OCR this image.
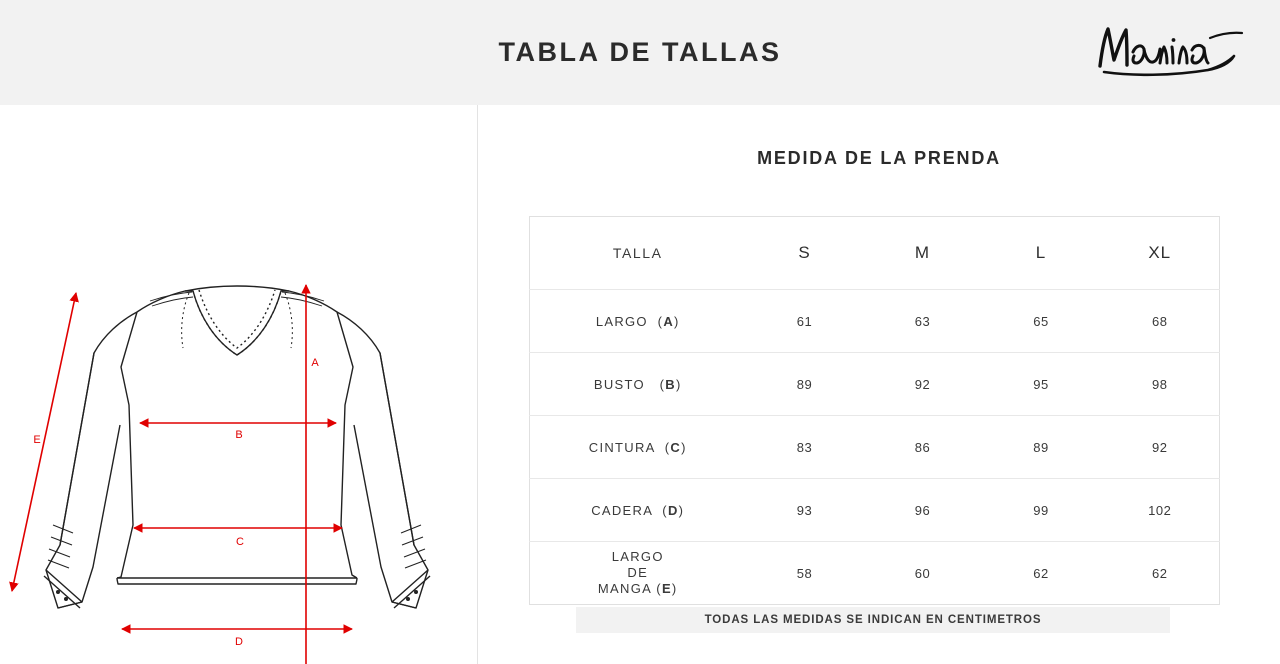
TABLA DE TALLAS
A
B
C
D
E
MEDIDA DE LA PRENDA
TALLA	S	M	L	XL
LARGO  (A)	61	63	65	68
BUSTO   (B)	89	92	95	98
CINTURA  (C)	83	86	89	92
CADERA  (D)	93	96	99	102

LARGO
DE
MANGA (E)	58	60	62	62
TODAS LAS MEDIDAS SE INDICAN EN CENTIMETROS
